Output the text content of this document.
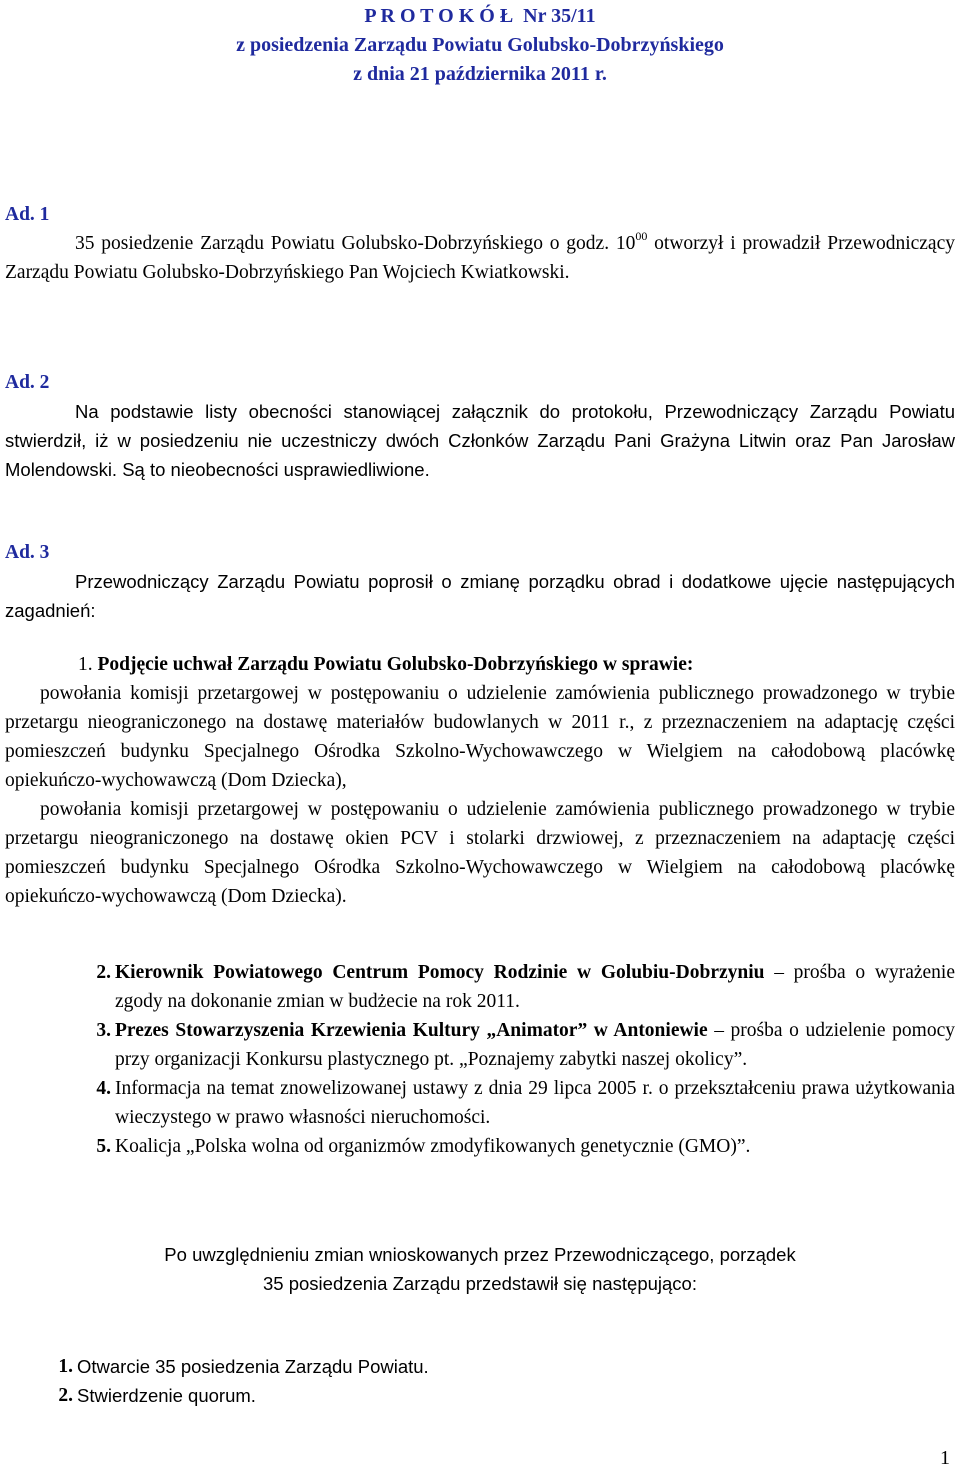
P R O T O K Ó Ł  Nr 35/11
z posiedzenia Zarządu Powiatu Golubsko-Dobrzyńskiego
z dnia 21 października 2011 r.

Ad. 1

35 posiedzenie Zarządu Powiatu Golubsko-Dobrzyńskiego o godz. $10^{00}$ otworzył i prowadził Przewodniczący Zarządu Powiatu Golubsko-Dobrzyńskiego Pan Wojciech Kwiatkowski.

Ad. 2

Na podstawie listy obecności stanowiącej załącznik do protokołu, Przewodniczący Zarządu Powiatu stwierdził, iż w posiedzeniu nie uczestniczy dwóch Członków Zarządu Pani Grażyna Litwin oraz Pan Jarosław Molendowski. Są to nieobecności usprawiedliwione.

Ad. 3

Przewodniczący Zarządu Powiatu poprosił o zmianę porządku obrad i dodatkowe ujęcie następujących zagadnień:

1. Podjęcie uchwał Zarządu Powiatu Golubsko-Dobrzyńskiego w sprawie:

powołania komisji przetargowej w postępowaniu o udzielenie zamówienia publicznego prowadzonego w trybie przetargu nieograniczonego na dostawę materiałów budowlanych w 2011 r., z przeznaczeniem na adaptację części pomieszczeń budynku Specjalnego Ośrodka Szkolno-Wychowawczego w Wielgiem na całodobową placówkę opiekuńczo-wychowawczą (Dom Dziecka),

powołania komisji przetargowej w postępowaniu o udzielenie zamówienia publicznego prowadzonego w trybie przetargu nieograniczonego na dostawę okien PCV i stolarki drzwiowej, z przeznaczeniem na adaptację części pomieszczeń budynku Specjalnego Ośrodka Szkolno-Wychowawczego w Wielgiem na całodobową placówkę opiekuńczo-wychowawczą (Dom Dziecka).

2. Kierownik Powiatowego Centrum Pomocy Rodzinie w Golubiu-Dobrzyniu – prośba o wyrażenie zgody na dokonanie zmian w budżecie na rok 2011.
3. Prezes Stowarzyszenia Krzewienia Kultury „Animator” w Antoniewie – prośba o udzielenie pomocy przy organizacji Konkursu plastycznego pt. „Poznajemy zabytki naszej okolicy”.
4. Informacja na temat znowelizowanej ustawy z dnia 29 lipca 2005 r. o przekształceniu prawa użytkowania wieczystego w prawo własności nieruchomości.
5. Koalicja „Polska wolna od organizmów zmodyfikowanych genetycznie (GMO)”.

Po uwzględnieniu zmian wnioskowanych przez Przewodniczącego, porządek

35 posiedzenia Zarządu przedstawił się następująco:

1. Otwarcie 35 posiedzenia Zarządu Powiatu.
2. Stwierdzenie quorum.
1
